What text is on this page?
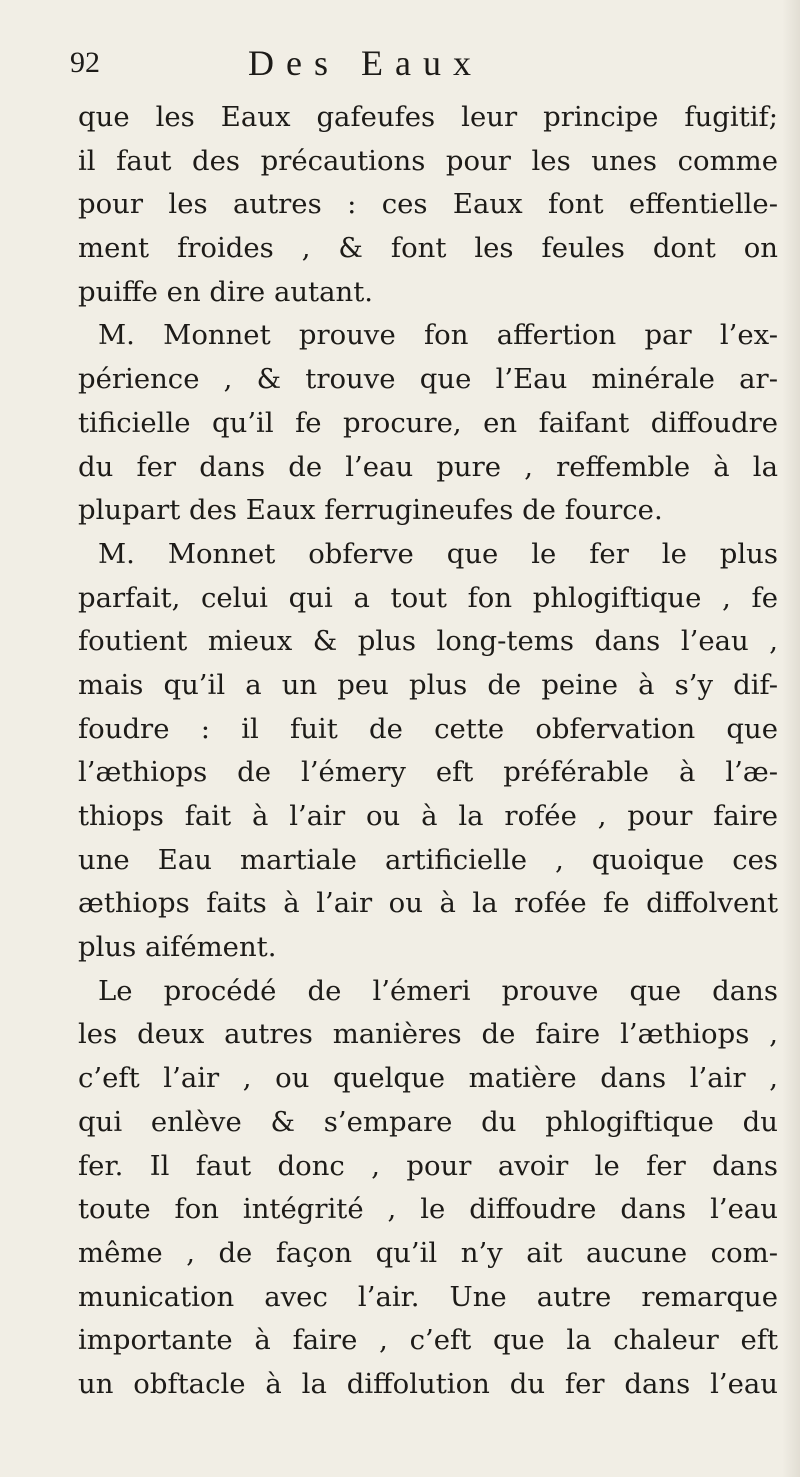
92	Des Eaux
que les Eaux gafeufes leur principe fugitif;
il faut des précautions pour les unes comme
pour les autres : ces Eaux font effentielle-
ment froides , & font les feules dont on
puiffe en dire autant.
M. Monnet prouve fon affertion par l’ex-
périence , & trouve que l’Eau minérale ar-
tificielle qu’il fe procure, en faifant diffoudre
du fer dans de l’eau pure , reffemble à la
plupart des Eaux ferrugineufes de fource.
M. Monnet obferve que le fer le plus
parfait, celui qui a tout fon phlogiftique , fe
foutient mieux & plus long-tems dans l’eau ,
mais qu’il a un peu plus de peine à s’y dif-
foudre : il fuit de cette obfervation que
l’æthiops de l’émery eft préférable à l’æ-
thiops fait à l’air ou à la rofée , pour faire
une Eau martiale artificielle , quoique ces
æthiops faits à l’air ou à la rofée fe diffolvent
plus aifément.
Le procédé de l’émeri prouve que dans
les deux autres manières de faire l’æthiops ,
c’eft l’air , ou quelque matière dans l’air ,
qui enlève & s’empare du phlogiftique du
fer. Il faut donc , pour avoir le fer dans
toute fon intégrité , le diffoudre dans l’eau
même , de façon qu’il n’y ait aucune com-
munication avec l’air. Une autre remarque
importante à faire , c’eft que la chaleur eft
un obftacle à la diffolution du fer dans l’eau
